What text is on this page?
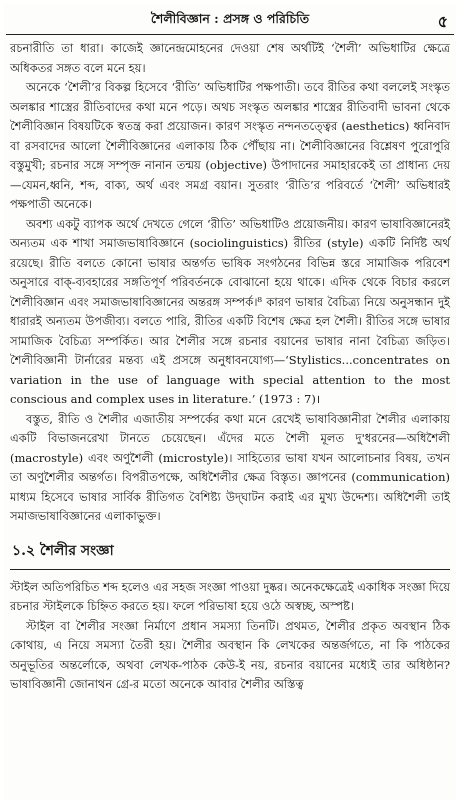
শৈলীবিজ্ঞান : প্রসঙ্গ ও পরিচিতি	৫

রচনারীতি তা ধারা। কাজেই জ্ঞানেন্দ্রমোহনের দেওয়া শেষ অর্থটিই ‘শৈলী’ অভিধাটির ক্ষেত্রে অধিকতর সঙ্গত বলে মনে হয়।

অনেকে ‘শৈলী’র বিকল্প হিসেবে ‘রীতি’ অভিধাটির পক্ষপাতী। তবে রীতির কথা বললেই সংস্কৃত অলঙ্কার শাস্ত্রের রীতিবাদের কথা মনে পড়ে। অথচ সংস্কৃত অলঙ্কার শাস্ত্রের রীতিবাদী ভাবনা থেকে শৈলীবিজ্ঞান বিষয়টিকে স্বতন্ত্র করা প্রয়োজন। কারণ সংস্কৃত নন্দনতত্ত্বের (aesthetics) ধ্বনিবাদ বা রসবাদের আলো শৈলীবিজ্ঞানের এলাকায় ঠিক পৌঁছায় না। শৈলীবিজ্ঞানের বিশ্লেষণ পুরোপুরি বস্তুমুখী; রচনার সঙ্গে সম্পৃক্ত নানান তন্ময় (objective) উপাদানের সমাহারকেই তা প্রাধান্য দেয়—যেমন,ধ্বনি, শব্দ, বাক্য, অর্থ এবং সমগ্র বয়ান। সুতরাং ‘রীতি’র পরিবর্তে ‘শৈলী’ অভিধারই পক্ষপাতী অনেকে।

অবশ্য একটু ব্যাপক অর্থে দেখতে গেলে ‘রীতি’ অভিধাটিও প্রয়োজনীয়। কারণ ভাষাবিজ্ঞানেরই অন্যতম এক শাখা সমাজভাষাবিজ্ঞানে (sociolinguistics) রীতির (style) একটি নির্দিষ্ট অর্থ রয়েছে। রীতি বলতে কোনো ভাষার অন্তর্গত ভাষিক সংগঠনের বিভিন্ন স্তরে সামাজিক পরিবেশ অনুসারে বাক্-ব্যবহারের সঙ্গতিপূর্ণ পরিবর্তনকে বোঝানো হয়ে থাকে। এদিক থেকে বিচার করলে শৈলীবিজ্ঞান এবং সমাজভাষাবিজ্ঞানের অন্তরঙ্গ সম্পর্ক।⁸ কারণ ভাষার বৈচিত্র্য নিয়ে অনুসন্ধান দুই ধারারই অন্যতম উপজীব্য। বলতে পারি, রীতির একটি বিশেষ ক্ষেত্র হল শৈলী। রীতির সঙ্গে ভাষার সামাজিক বৈচিত্র্য সম্পর্কিত। আর শৈলীর সঙ্গে রচনার বয়ানের ভাষার নানা বৈচিত্র্য জড়িত। শৈলীবিজ্ঞানী টার্নারের মন্তব্য এই প্রসঙ্গে অনুধাবনযোগ্য—‘Stylistics...concentrates on variation in the use of language with special attention to the most conscious and complex uses in literature.’ (1973 : 7)।

বস্তুত, রীতি ও শৈলীর এজাতীয় সম্পর্কের কথা মনে রেখেই ভাষাবিজ্ঞানীরা শৈলীর এলাকায় একটি বিভাজনরেখা টানতে চেয়েছেন। এঁদের মতে শৈলী মূলত দু'ধরনের—অধিশৈলী (macrostyle) এবং অণুশৈলী (microstyle)। সাহিত্যের ভাষা যখন আলোচনার বিষয়, তখন তা অণুশৈলীর অন্তর্গত। বিপরীতপক্ষে, অধিশৈলীর ক্ষেত্র বিস্তৃত। জ্ঞাপনের (communication) মাধ্যম হিসেবে ভাষার সার্বিক রীতিগত বৈশিষ্ট্য উদ্‌ঘাটন করাই এর মুখ্য উদ্দেশ্য। অধিশৈলী তাই সমাজভাষাবিজ্ঞানের এলাকাভুক্ত।

১.২ শৈলীর সংজ্ঞা

স্টাইল অতিপরিচিত শব্দ হলেও এর সহজ সংজ্ঞা পাওয়া দুষ্কর। অনেকক্ষেত্রেই একাধিক সংজ্ঞা দিয়ে রচনার স্টাইলকে চিহ্নিত করতে হয়। ফলে পরিভাষা হয়ে ওঠে অস্বচ্ছ, অস্পষ্ট।

স্টাইল বা শৈলীর সংজ্ঞা নির্মাণে প্রধান সমস্যা তিনটি। প্রথমত, শৈলীর প্রকৃত অবস্থান ঠিক কোথায়, এ নিয়ে সমস্যা তৈরী হয়। শৈলীর অবস্থান কি লেখকের অন্তর্জগতে, না কি পাঠকের অনুভূতির অন্তর্লোকে, অথবা লেখক-পাঠক কেউ-ই নয়, রচনার বয়ানের মধ্যেই তার অধিষ্ঠান? ভাষাবিজ্ঞানী জোনাথন গ্রে-র মতো অনেকে আবার শৈলীর অস্তিত্ব
